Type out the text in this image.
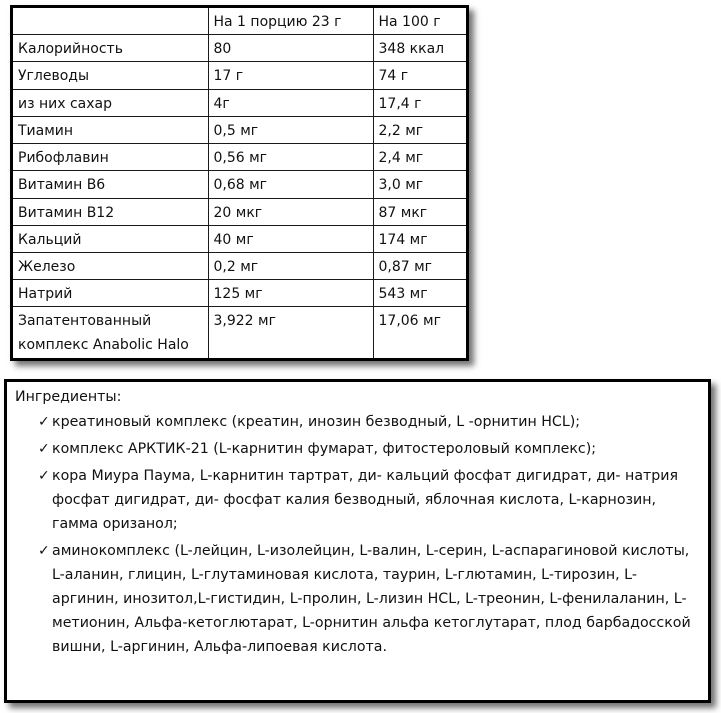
	На 1 порцию 23 г	На 100 г
Калорийность	80	348 ккал
Углеводы	17 г	74 г
из них сахар	4г	17,4 г
Тиамин	0,5 мг	2,2 мг
Рибофлавин	0,56 мг	2,4 мг
Витамин В6	0,68 мг	3,0 мг
Витамин В12	20 мкг	87 мкг
Кальций	40 мг	174 мг
Железо	0,2 мг	0,87 мг
Натрий	125 мг	543 мг
Запатентованный комплекс Anabolic Halo	3,922 мг	17,06 мг
Ингредиенты:
✓ креатиновый комплекс (креатин, инозин безводный, L -орнитин HCL);
✓ комплекс АРКТИК-21 (L-карнитин фумарат, фитостероловый комплекс);
✓ кора Миура Паума, L-карнитин тартрат, ди- кальций фосфат дигидрат, ди- натрия фосфат дигидрат, ди- фосфат калия безводный, яблочная кислота, L-карнозин, гамма оризанол;
✓ аминокомплекс (L-лейцин, L-изолейцин, L-валин, L-серин, L-аспарагиновой кислоты, L-аланин, глицин, L-глутаминовая кислота, таурин, L-глютамин, L-тирозин, L-аргинин, инозитол,L-гистидин, L-пролин, L-лизин HCL, L-треонин, L-фенилаланин, L-метионин, Альфа-кетоглютарат, L-орнитин альфа кетоглутарат, плод барбадосской вишни, L-аргинин, Альфа-липоевая кислота.
